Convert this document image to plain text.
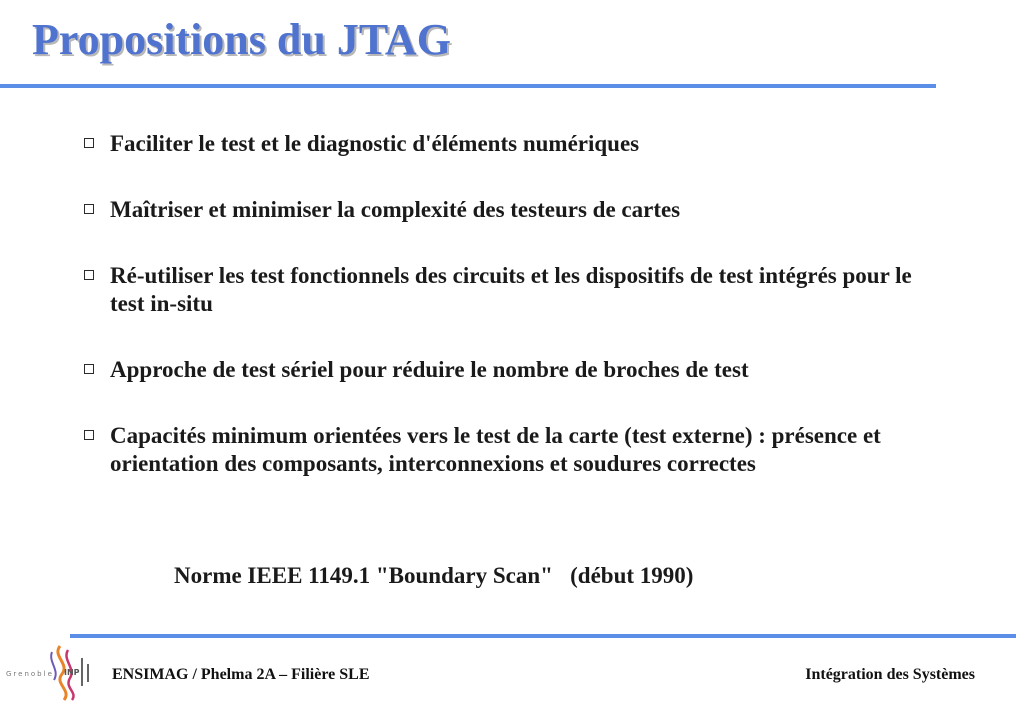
Propositions du JTAG
Faciliter le test et le diagnostic d'éléments numériques
Maîtriser et minimiser la complexité des testeurs de cartes
Ré-utiliser les test fonctionnels des circuits et les dispositifs de test intégrés pour le test in-situ
Approche de test sériel pour réduire le nombre de broches de test
Capacités minimum orientées vers le test de la carte (test externe) : présence et orientation des composants, interconnexions et soudures correctes
Norme IEEE 1149.1 "Boundary Scan"   (début 1990)
Grenoble INP ENSIMAG / Phelma 2A – Filière SLE	Intégration des Systèmes
